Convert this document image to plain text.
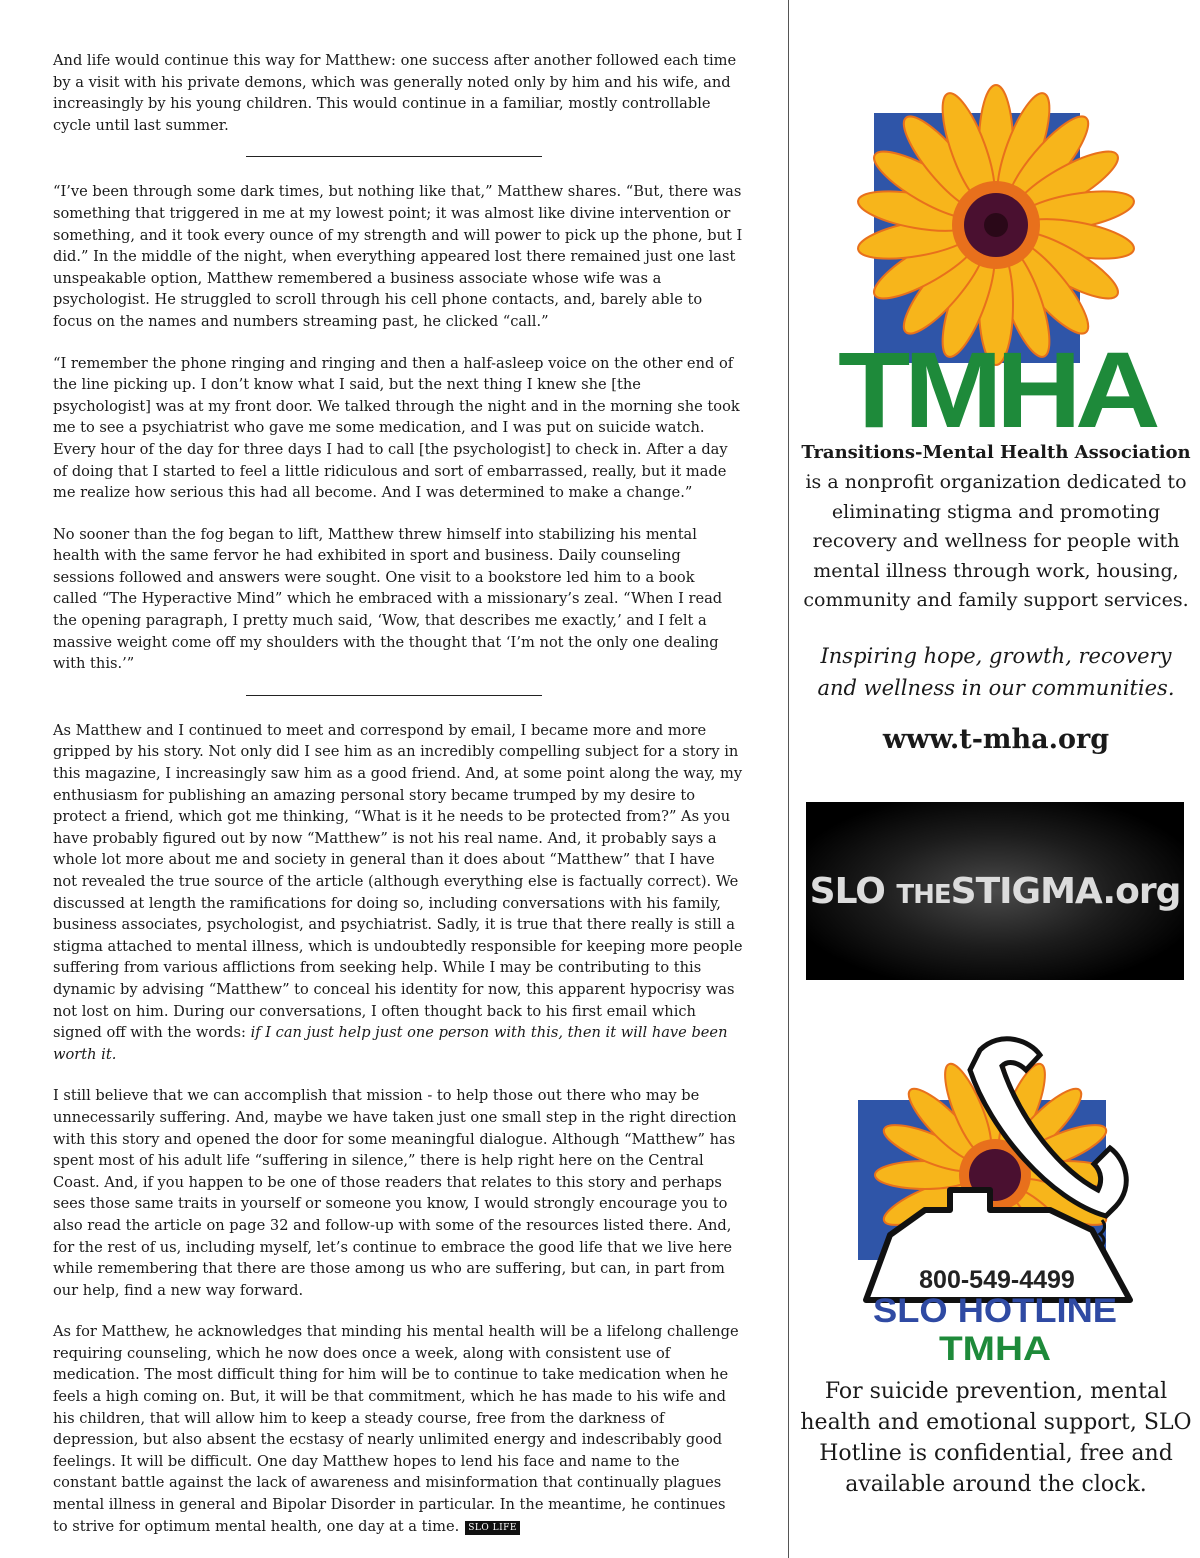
And life would continue this way for Matthew: one success after another followed each time by a visit with his private demons, which was generally noted only by him and his wife, and increasingly by his young children. This would continue in a familiar, mostly controllable cycle until last summer.

“I’ve been through some dark times, but nothing like that,” Matthew shares. “But, there was something that triggered in me at my lowest point; it was almost like divine intervention or something, and it took every ounce of my strength and will power to pick up the phone, but I did.” In the middle of the night, when everything appeared lost there remained just one last unspeakable option, Matthew remembered a business associate whose wife was a psychologist. He struggled to scroll through his cell phone contacts, and, barely able to focus on the names and numbers streaming past, he clicked “call.”

“I remember the phone ringing and ringing and then a half-asleep voice on the other end of the line picking up. I don’t know what I said, but the next thing I knew she [the psychologist] was at my front door. We talked through the night and in the morning she took me to see a psychiatrist who gave me some medication, and I was put on suicide watch. Every hour of the day for three days I had to call [the psychologist] to check in. After a day of doing that I started to feel a little ridiculous and sort of embarrassed, really, but it made me realize how serious this had all become. And I was determined to make a change.”

No sooner than the fog began to lift, Matthew threw himself into stabilizing his mental health with the same fervor he had exhibited in sport and business. Daily counseling sessions followed and answers were sought. One visit to a bookstore led him to a book called “The Hyperactive Mind” which he embraced with a missionary’s zeal. “When I read the opening paragraph, I pretty much said, ‘Wow, that describes me exactly,’ and I felt a massive weight come off my shoulders with the thought that ‘I’m not the only one dealing with this.’”

As Matthew and I continued to meet and correspond by email, I became more and more gripped by his story. Not only did I see him as an incredibly compelling subject for a story in this magazine, I increasingly saw him as a good friend. And, at some point along the way, my enthusiasm for publishing an amazing personal story became trumped by my desire to protect a friend, which got me thinking, “What is it he needs to be protected from?” As you have probably figured out by now “Matthew” is not his real name. And, it probably says a whole lot more about me and society in general than it does about “Matthew” that I have not revealed the true source of the article (although everything else is factually correct). We discussed at length the ramifications for doing so, including conversations with his family, business associates, psychologist, and psychiatrist. Sadly, it is true that there really is still a stigma attached to mental illness, which is undoubtedly responsible for keeping more people suffering from various afflictions from seeking help. While I may be contributing to this dynamic by advising “Matthew” to conceal his identity for now, this apparent hypocrisy was not lost on him. During our conversations, I often thought back to his first email which signed off with the words: if I can just help just one person with this, then it will have been worth it.

I still believe that we can accomplish that mission - to help those out there who may be unnecessarily suffering. And, maybe we have taken just one small step in the right direction with this story and opened the door for some meaningful dialogue. Although “Matthew” has spent most of his adult life “suffering in silence,” there is help right here on the Central Coast. And, if you happen to be one of those readers that relates to this story and perhaps sees those same traits in yourself or someone you know, I would strongly encourage you to also read the article on page 32 and follow-up with some of the resources listed there. And, for the rest of us, including myself, let’s continue to embrace the good life that we live here while remembering that there are those among us who are suffering, but can, in part from our help, find a new way forward.

As for Matthew, he acknowledges that minding his mental health will be a lifelong challenge requiring counseling, which he now does once a week, along with consistent use of medication. The most difficult thing for him will be to continue to take medication when he feels a high coming on. But, it will be that commitment, which he has made to his wife and his children, that will allow him to keep a steady course, free from the darkness of depression, but also absent the ecstasy of nearly unlimited energy and indescribably good feelings. It will be difficult. One day Matthew hopes to lend his face and name to the constant battle against the lack of awareness and misinformation that continually plagues mental illness in general and Bipolar Disorder in particular. In the meantime, he continues to strive for optimum mental health, one day at a time. SLO LIFE

TMHA
Transitions-Mental Health Association
is a nonprofit organization dedicated to eliminating stigma and promoting recovery and wellness for people with mental illness through work, housing, community and family support services.
Inspiring hope, growth, recovery
and wellness in our communities.
www.t-mha.org
SLO THESTIGMA.org
800-549-4499
SLO HOTLINE
TMHA
For suicide prevention, mental health and emotional support, SLO Hotline is confidential, free and available around the clock.
